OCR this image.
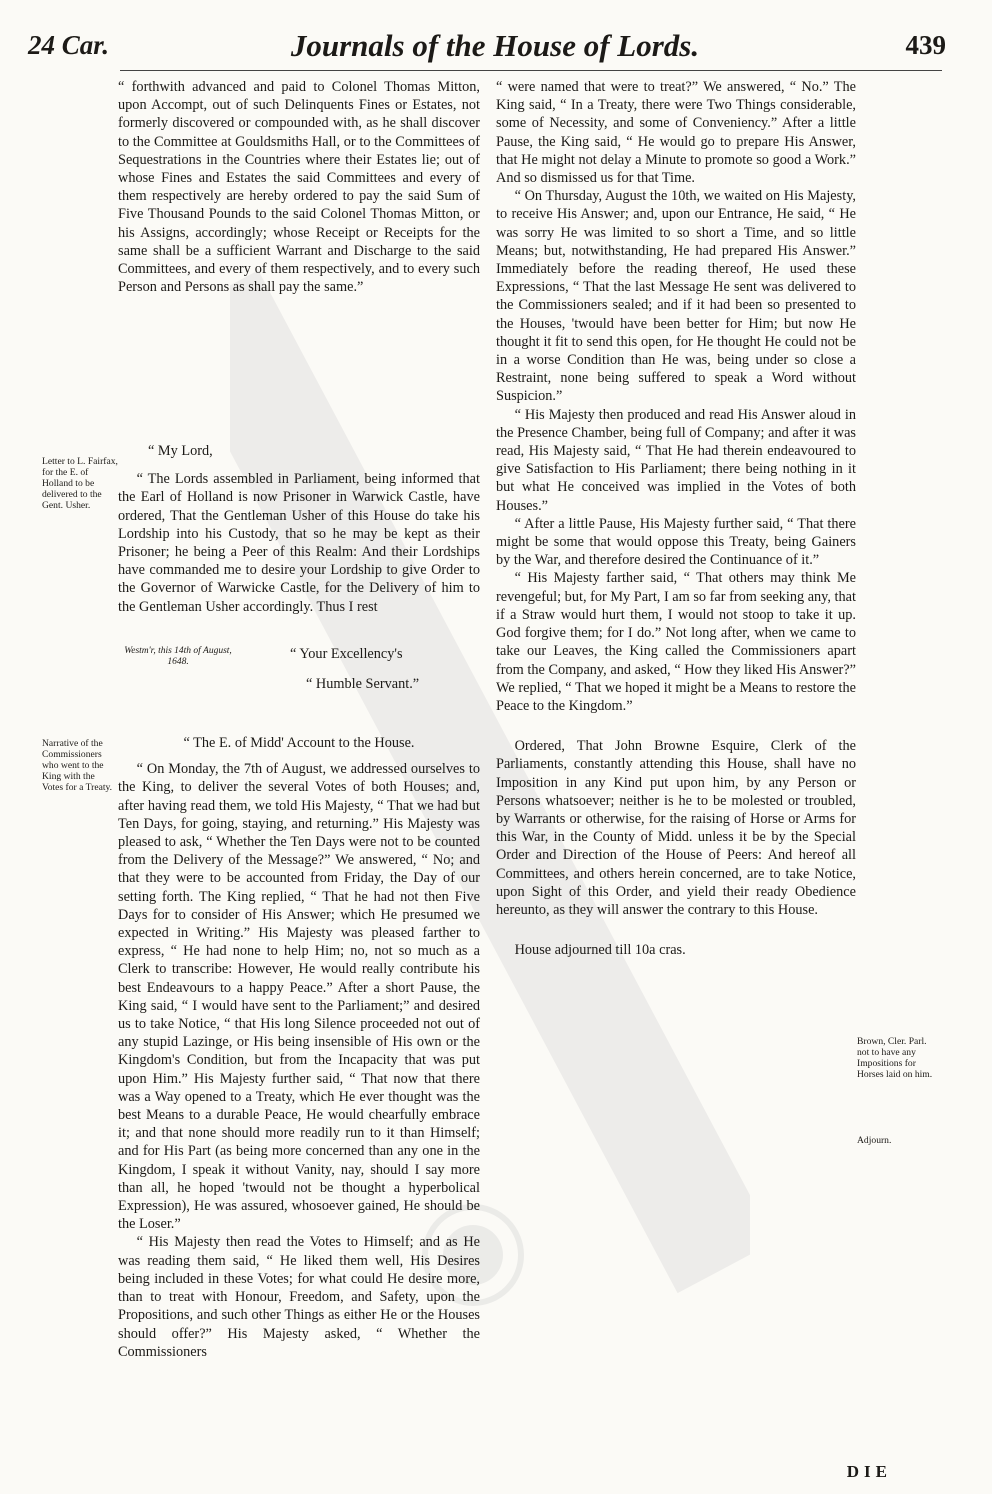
24 Car.	Journals of the House of Lords.	439
Letter to L. Fairfax, for the E. of Holland to be delivered to the Gent. Usher.
Narrative of the Commissioners who went to the King with the Votes for a Treaty.
Brown, Cler. Parl. not to have any Impositions for Horses laid on him.
Adjourn.

“ forthwith advanced and paid to Colonel Thomas Mitton, upon Accompt, out of such Delinquents Fines or Estates, not formerly discovered or compounded with, as he shall discover to the Committee at Gouldsmiths Hall, or to the Committees of Sequestrations in the Countries where their Estates lie; out of whose Fines and Estates the said Committees and every of them respectively are hereby ordered to pay the said Sum of Five Thousand Pounds to the said Colonel Thomas Mitton, or his Assigns, accordingly; whose Receipt or Receipts for the same shall be a sufficient Warrant and Discharge to the said Committees, and every of them respectively, and to every such Person and Persons as shall pay the same.”

“ My Lord,

“ The Lords assembled in Parliament, being informed that the Earl of Holland is now Prisoner in Warwick Castle, have ordered, That the Gentleman Usher of this House do take his Lordship into his Custody, that so he may be kept as their Prisoner; he being a Peer of this Realm: And their Lordships have commanded me to desire your Lordship to give Order to the Governor of Warwicke Castle, for the Delivery of him to the Gentleman Usher accordingly. Thus I rest

Westm'r, this 14th of August, 1648.	“ Your Excellency's

“ Humble Servant.”

“ The E. of Midd' Account to the House.

“ On Monday, the 7th of August, we addressed ourselves to the King, to deliver the several Votes of both Houses; and, after having read them, we told His Majesty, “ That we had but Ten Days, for going, staying, and returning.” His Majesty was pleased to ask, “ Whether the Ten Days were not to be counted from the Delivery of the Message?” We answered, “ No; and that they were to be accounted from Friday, the Day of our setting forth. The King replied, “ That he had not then Five Days for to consider of His Answer; which He presumed we expected in Writing.” His Majesty was pleased farther to express, “ He had none to help Him; no, not so much as a Clerk to transcribe: However, He would really contribute his best Endeavours to a happy Peace.” After a short Pause, the King said, “ I would have sent to the Parliament;” and desired us to take Notice, “ that His long Silence proceeded not out of any stupid Lazinge, or His being insensible of His own or the Kingdom's Condition, but from the Incapacity that was put upon Him.” His Majesty further said, “ That now that there was a Way opened to a Treaty, which He ever thought was the best Means to a durable Peace, He would chearfully embrace it; and that none should more readily run to it than Himself; and for His Part (as being more concerned than any one in the Kingdom, I speak it without Vanity, nay, should I say more than all, he hoped 'twould not be thought a hyperbolical Expression), He was assured, whosoever gained, He should be the Loser.”

“ His Majesty then read the Votes to Himself; and as He was reading them said, “ He liked them well, His Desires being included in these Votes; for what could He desire more, than to treat with Honour, Freedom, and Safety, upon the Propositions, and such other Things as either He or the Houses should offer?” His Majesty asked, “ Whether the Commissioners

“ were named that were to treat?” We answered, “ No.” The King said, “ In a Treaty, there were Two Things considerable, some of Necessity, and some of Conveniency.” After a little Pause, the King said, “ He would go to prepare His Answer, that He might not delay a Minute to promote so good a Work.” And so dismissed us for that Time.

“ On Thursday, August the 10th, we waited on His Majesty, to receive His Answer; and, upon our Entrance, He said, “ He was sorry He was limited to so short a Time, and so little Means; but, notwithstanding, He had prepared His Answer.” Immediately before the reading thereof, He used these Expressions, “ That the last Message He sent was delivered to the Commissioners sealed; and if it had been so presented to the Houses, 'twould have been better for Him; but now He thought it fit to send this open, for He thought He could not be in a worse Condition than He was, being under so close a Restraint, none being suffered to speak a Word without Suspicion.”

“ His Majesty then produced and read His Answer aloud in the Presence Chamber, being full of Company; and after it was read, His Majesty said, “ That He had therein endeavoured to give Satisfaction to His Parliament; there being nothing in it but what He conceived was implied in the Votes of both Houses.”

“ After a little Pause, His Majesty further said, “ That there might be some that would oppose this Treaty, being Gainers by the War, and therefore desired the Continuance of it.”

“ His Majesty farther said, “ That others may think Me revengeful; but, for My Part, I am so far from seeking any, that if a Straw would hurt them, I would not stoop to take it up. God forgive them; for I do.” Not long after, when we came to take our Leaves, the King called the Commissioners apart from the Company, and asked, “ How they liked His Answer?” We replied, “ That we hoped it might be a Means to restore the Peace to the Kingdom.”

Ordered, That John Browne Esquire, Clerk of the Parliaments, constantly attending this House, shall have no Imposition in any Kind put upon him, by any Person or Persons whatsoever; neither is he to be molested or troubled, by Warrants or otherwise, for the raising of Horse or Arms for this War, in the County of Midd. unless it be by the Special Order and Direction of the House of Peers: And hereof all Committees, and others herein concerned, are to take Notice, upon Sight of this Order, and yield their ready Obedience hereunto, as they will answer the contrary to this House.

House adjourned till 10a cras.

DIE
